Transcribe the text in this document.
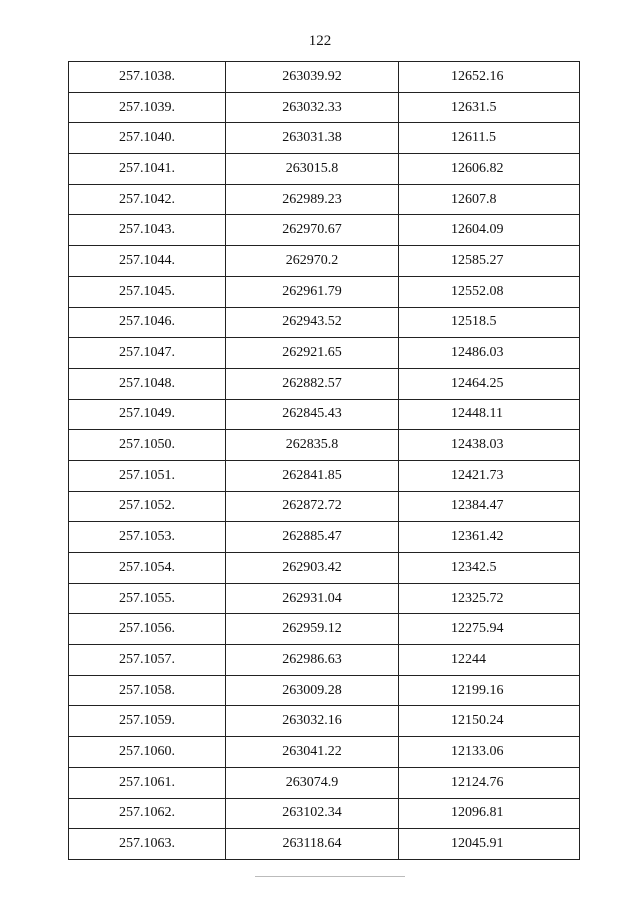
122
257.1038.	263039.92	12652.16
257.1039.	263032.33	12631.5
257.1040.	263031.38	12611.5
257.1041.	263015.8	12606.82
257.1042.	262989.23	12607.8
257.1043.	262970.67	12604.09
257.1044.	262970.2	12585.27
257.1045.	262961.79	12552.08
257.1046.	262943.52	12518.5
257.1047.	262921.65	12486.03
257.1048.	262882.57	12464.25
257.1049.	262845.43	12448.11
257.1050.	262835.8	12438.03
257.1051.	262841.85	12421.73
257.1052.	262872.72	12384.47
257.1053.	262885.47	12361.42
257.1054.	262903.42	12342.5
257.1055.	262931.04	12325.72
257.1056.	262959.12	12275.94
257.1057.	262986.63	12244
257.1058.	263009.28	12199.16
257.1059.	263032.16	12150.24
257.1060.	263041.22	12133.06
257.1061.	263074.9	12124.76
257.1062.	263102.34	12096.81
257.1063.	263118.64	12045.91
